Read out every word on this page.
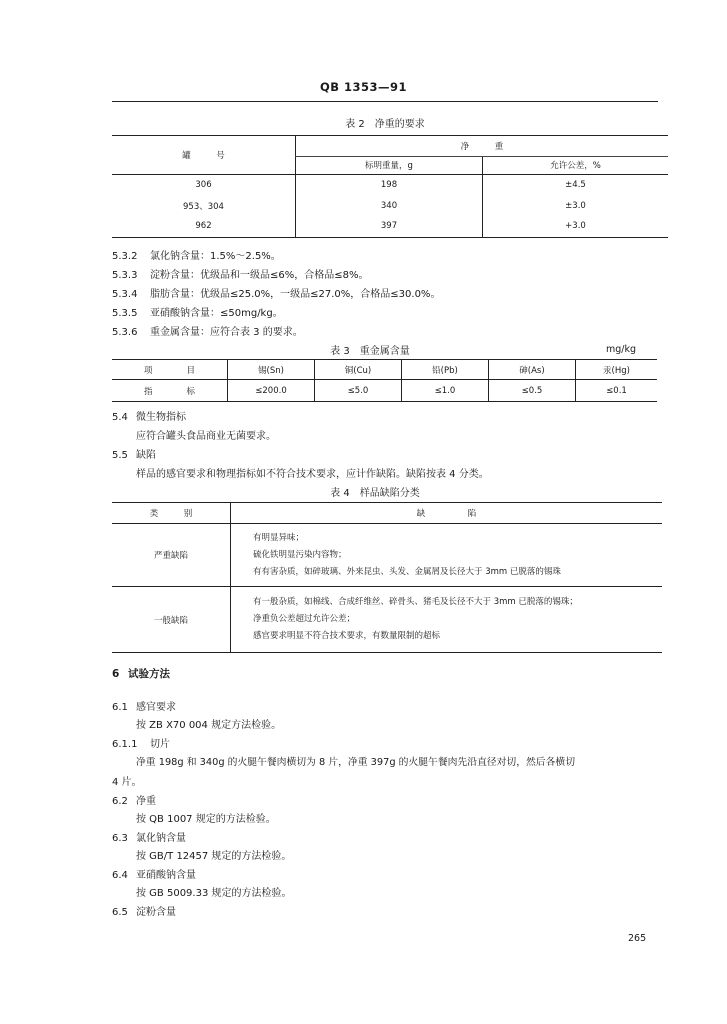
QB 1353—91
表 2　净重的要求
罐　　　号	净　　　重	
	标明重量，g	允许公差，%
306	198	±4.5
953、304	340	±3.0
962	397	+3.0
5.3.2 氯化钠含量：1.5%～2.5%。
5.3.3 淀粉含量：优级品和一级品≤6%，合格品≤8%。
5.3.4 脂肪含量：优级品≤25.0%，一级品≤27.0%，合格品≤30.0%。
5.3.5 亚硝酸钠含量：≤50mg/kg。
5.3.6 重金属含量：应符合表 3 的要求。
表 3　重金属含量	mg/kg
项　　　　目	锡(Sn)	铜(Cu)	铅(Pb)	砷(As)	汞(Hg)
指　　　　标	≤200.0	≤5.0	≤1.0	≤0.5	≤0.1
5.4 微生物指标
应符合罐头食品商业无菌要求。
5.5 缺陷
样品的感官要求和物理指标如不符合技术要求，应计作缺陷。缺陷按表 4 分类。
表 4　样品缺陷分类
类　　　别	缺　　　　　陷
严重缺陷	有明显异味；
硫化铁明显污染内容物；
有有害杂质，如碎玻璃、外来昆虫、头发、金属屑及长径大于 3mm 已脱落的锡珠

一般缺陷	有一般杂质，如棉线、合成纤维丝、碎骨头、猪毛及长径不大于 3mm 已脱落的锡珠；
净重负公差超过允许公差；
感官要求明显不符合技术要求，有数量限制的超标
6 试验方法
6.1 感官要求
按 ZB X70 004 规定方法检验。
6.1.1 切片
净重 198g 和 340g 的火腿午餐肉横切为 8 片，净重 397g 的火腿午餐肉先沿直径对切，然后各横切
4 片。
6.2 净重
按 QB 1007 规定的方法检验。
6.3 氯化钠含量
按 GB/T 12457 规定的方法检验。
6.4 亚硝酸钠含量
按 GB 5009.33 规定的方法检验。
6.5 淀粉含量
265
